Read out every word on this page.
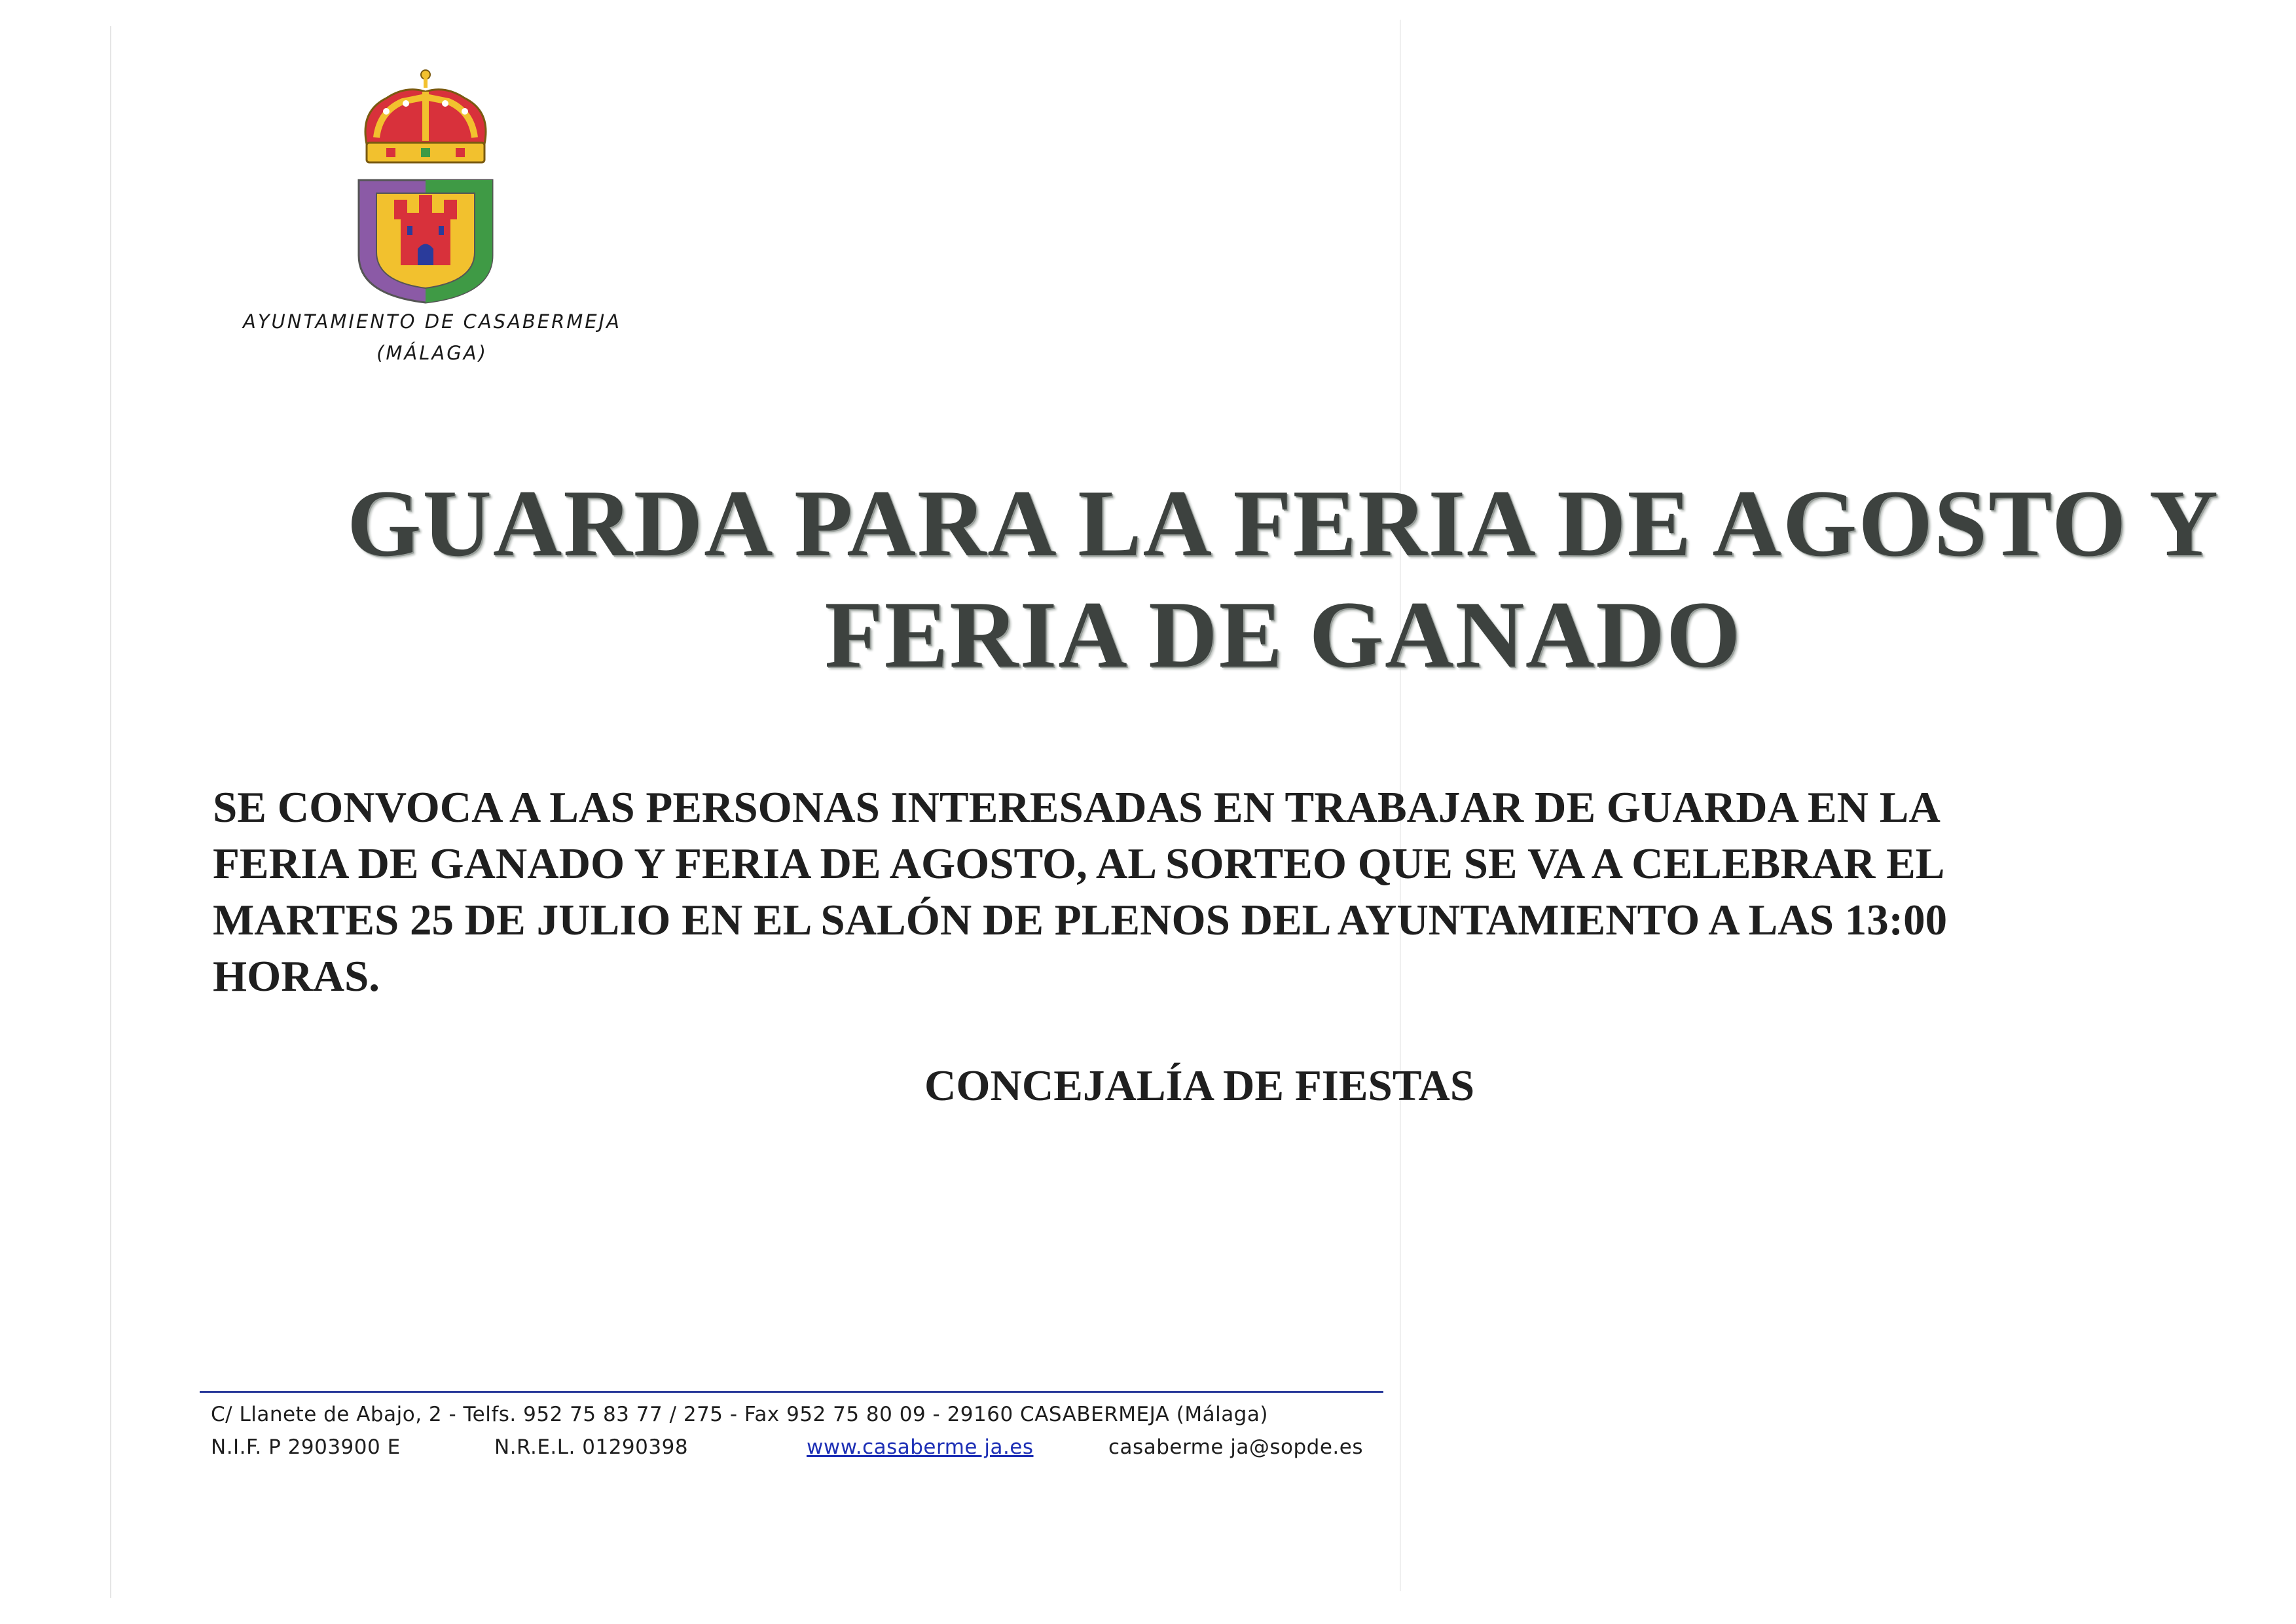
AYUNTAMIENTO DE CASABERMEJA
(MÁLAGA)
GUARDA PARA LA FERIA DE AGOSTO Y
FERIA DE GANADO

SE CONVOCA A LAS PERSONAS INTERESADAS EN TRABAJAR DE GUARDA EN LA
FERIA DE GANADO Y FERIA DE AGOSTO, AL SORTEO QUE SE VA A CELEBRAR EL
MARTES 25 DE JULIO EN EL SALÓN DE PLENOS DEL AYUNTAMIENTO A LAS 13:00
HORAS.

CONCEJALÍA DE FIESTAS

C/ Llanete de Abajo, 2 - Telfs. 952 75 83 77 / 275 - Fax 952 75 80 09 - 29160 CASABERMEJA (Málaga)
N.I.F. P 2903900 E	N.R.E.L. 01290398	www.casaberme ja.es	casaberme ja@sopde.es
